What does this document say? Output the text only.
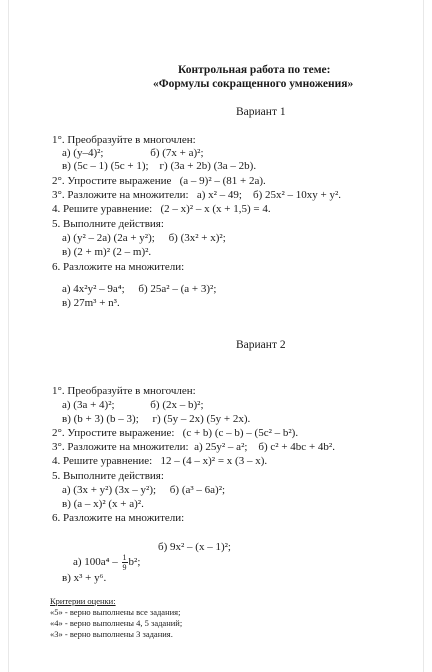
Контрольная работа по теме:
«Формулы сокращенного умножения»
Вариант 1
1°. Преобразуйте в многочлен:
а) (y–4)²;                 б) (7x + a)²;
в) (5c – 1) (5c + 1);    г) (3a + 2b) (3a – 2b).
2°. Упростите выражение   (a – 9)² – (81 + 2a).
3°. Разложите на множители:   а) x² – 49;    б) 25x² – 10xy + y².
4. Решите уравнение:   (2 – x)² – x (x + 1,5) = 4.
5. Выполните действия:
а) (y² – 2a) (2a + y²);     б) (3x² + x)²;
в) (2 + m)² (2 – m)².
6. Разложите на множители:
а) 4x²y² – 9a⁴;     б) 25a² – (a + 3)²;
в) 27m³ + n³.
Вариант 2
1°. Преобразуйте в многочлен:
а) (3a + 4)²;             б) (2x – b)²;
в) (b + 3) (b – 3);     г) (5y – 2x) (5y + 2x).
2°. Упростите выражение:   (c + b) (c – b) – (5c² – b²).
3°. Разложите на множители:  а) 25y² – a²;    б) c² + 4bc + 4b².
4. Решите уравнение:   12 – (4 – x)² = x (3 – x).
5. Выполните действия:
а) (3x + y²) (3x – y²);     б) (a³ – 6a)²;
в) (a – x)² (x + a)².
6. Разложите на множители:

а) $100a^4 - \frac{1}{9} b^2$;

б) 9x² – (x – 1)²;
в) x³ + y⁶.
Критерии оценки:
«5» - верно выполнены все задания;
«4» - верно выполнены 4, 5 заданий;
«3» - верно выполнены 3 задания.
